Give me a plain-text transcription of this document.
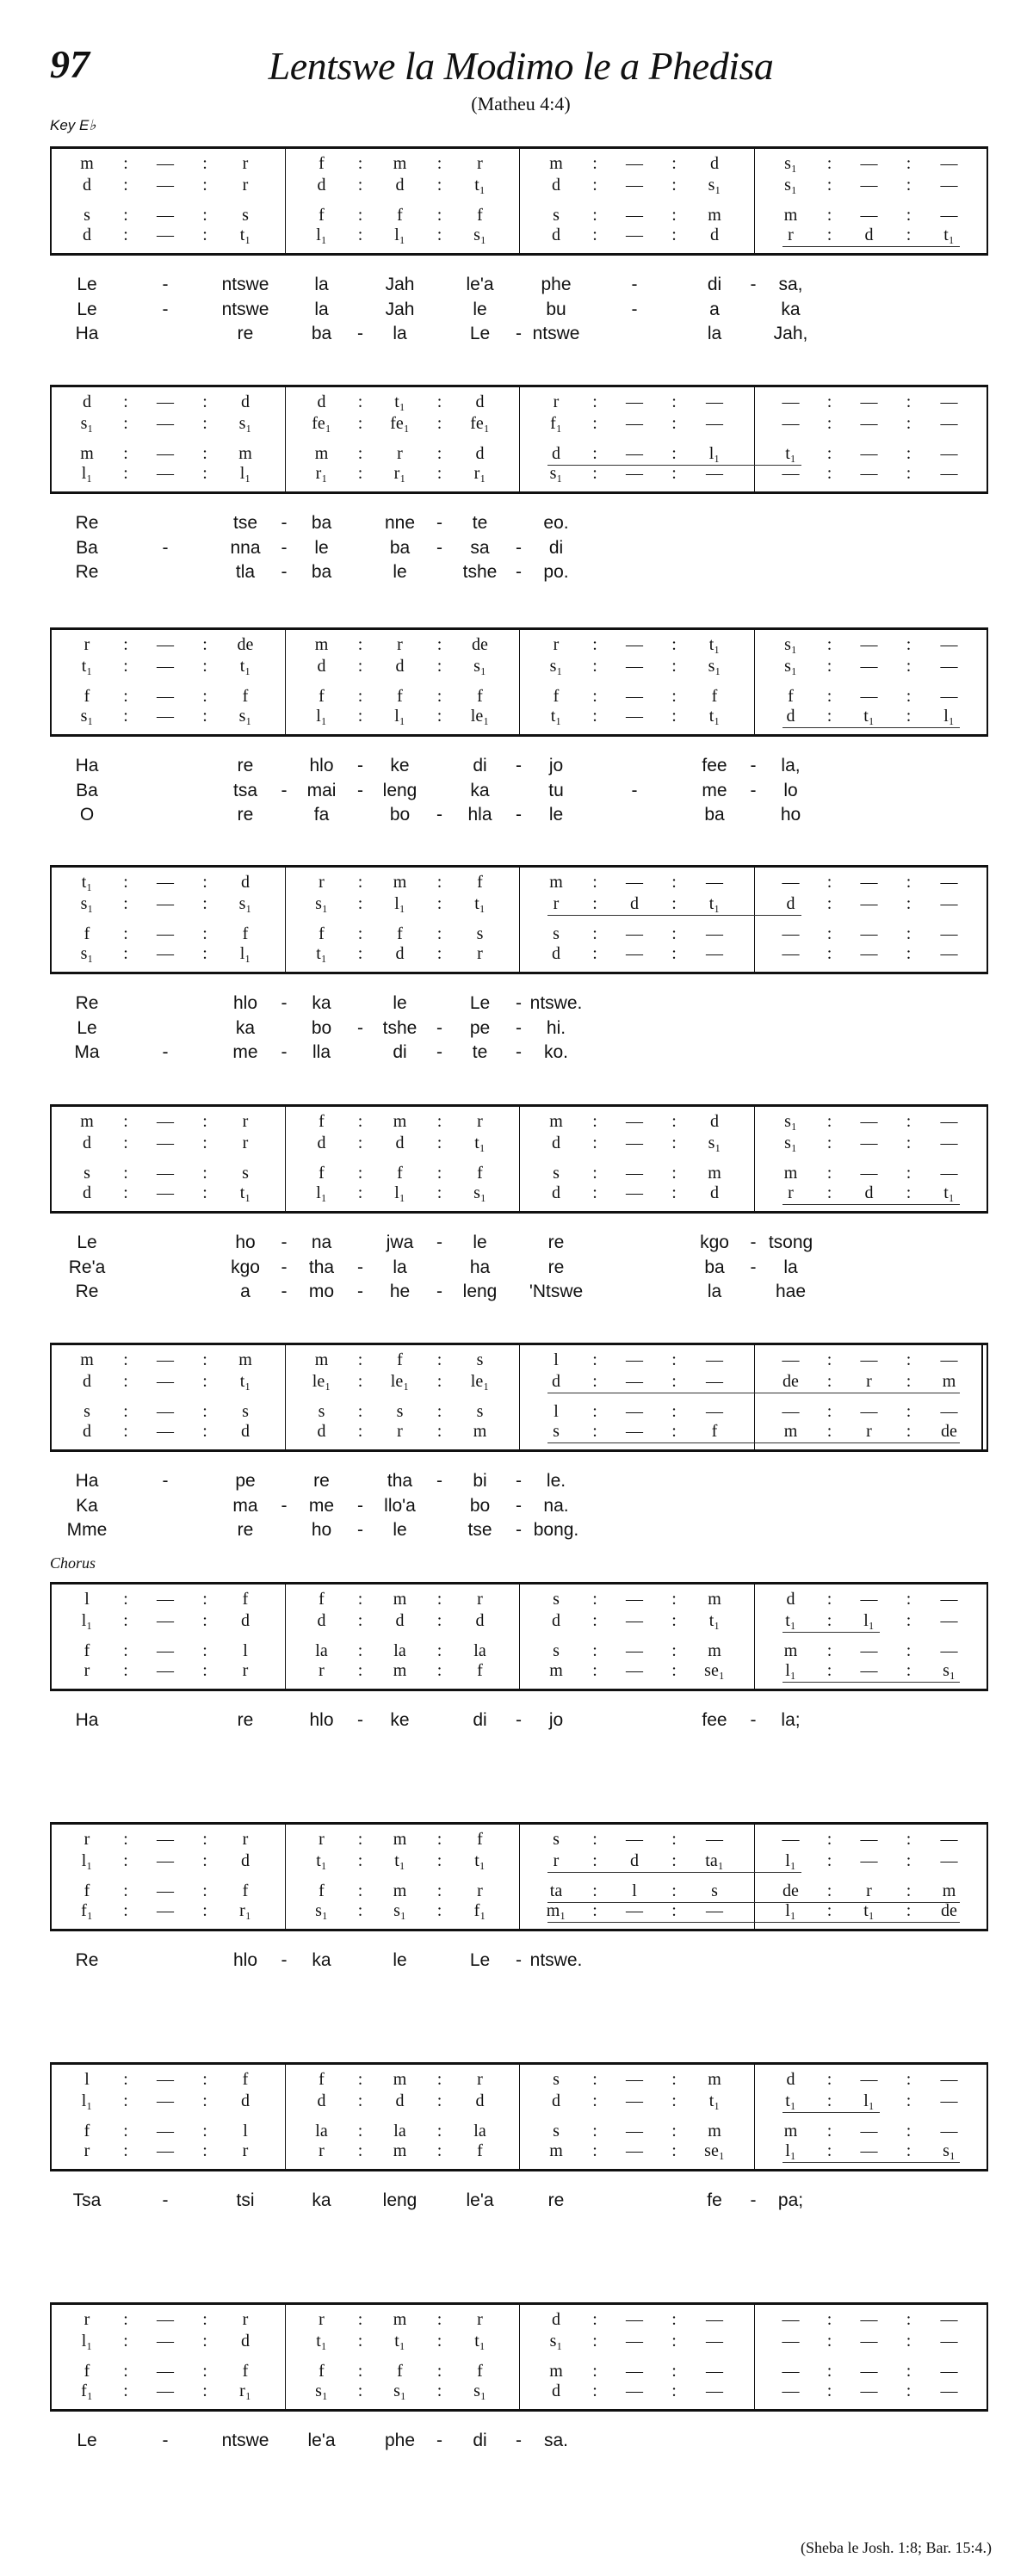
97	Lentswe la Modimo le a Phedisa
(Matheu 4:4)
Key E♭
Chorus
m : — : r	f : m : r	m : — : d	s₁ : — : —
d : — : r	d : d : t₁	d : — : s₁	s₁ : — : —
s : — : s	f : f : f	s : — : m	m : — : —
d : — : t₁	l₁ : l₁ : s₁	d : — : d	r : d : t₁
Le	-	ntswe	la	Jah	le'a	phe	-	di - sa,
Le	-	ntswe	la	Jah	le	bu	-	a	ka
Ha	re	ba - la	Le - ntswe	la	Jah,
d : — : d	d : t₁ : d	r : — : —	— : — : —
s₁ : — : s₁	fe₁ : fe₁ : fe₁	f₁ : — : —	— : — : —
m : — : m	m : r : d	d : — : l₁	t₁ : — : —
l₁ : — : l₁	r₁ : r₁ : r₁	s₁ : — : —	— : — : —
Re	tse - ba	nne - te	eo.
Ba	-	nna - le	ba - sa - di
Re	tla - ba	le	tshe - po.
r : — : de	m : r : de	r : — : t₁	s₁ : — : —
t₁ : — : t₁	d : d : s₁	s₁ : — : s₁	s₁ : — : —
f : — : f	f : f : f	f : — : f	f : — : —
s₁ : — : s₁	l₁ : l₁ : le₁	t₁ : — : t₁	d : t₁ : l₁
Ha	re	hlo - ke	di - jo	fee - la,
Ba	tsa - mai - leng	ka	tu	-	me - lo
O	re	fa	bo - hla - le	ba	ho
t₁ : — : d	r : m : f	m : — : —	— : — : —
s₁ : — : s₁	s₁ : l₁ : t₁	r : d : t₁	d : — : —
f : — : f	f : f : s	s : — : —	— : — : —
s₁ : — : l₁	t₁ : d : r	d : — : —	— : — : —
Re	hlo - ka	le	Le - ntswe.
Le	ka	bo - tshe - pe - hi.
Ma	-	me - lla	di - te - ko.
m : — : r	f : m : r	m : — : d	s₁ : — : —
d : — : r	d : d : t₁	d : — : s₁	s₁ : — : —
s : — : s	f : f : f	s : — : m	m : — : —
d : — : t₁	l₁ : l₁ : s₁	d : — : d	r : d : t₁
Le	ho - na	jwa - le	re	kgo - tsong
Re'a	kgo - tha - la	ha	re	ba - la
Re	a - mo - he - leng 'Ntswe	la	hae
m : — : m	m : f : s	l : — : —	— : — : —
d : — : t₁	le₁ : le₁ : le₁	d : — : —	de : r : m
s : — : s	s : s : s	l : — : —	— : — : —
d : — : d	d : r : m	s : — : f	m : r : de
Ha	-	pe	re	tha - bi - le.
Ka	ma - me - llo'a	bo - na.
Mme	re	ho - le	tse - bong.
l : — : f	f : m : r	s : — : m	d : — : —
l₁ : — : d	d : d : d	d : — : t₁	t₁ : l₁ : —
f : — : l	la : la : la	s : — : m	m : — : —
r : — : r	r : m : f	m : — : se₁	l₁ : — : s₁
Ha	re	hlo - ke	di - jo	fee - la;
r : — : r	r : m : f	s : — : —	— : — : —
l₁ : — : d	t₁ : t₁ : t₁	r : d : ta₁	l₁ : — : —
f : — : f	f : m : r	ta : l : s	de : r : m
f₁ : — : r₁	s₁ : s₁ : f₁	m₁ : — : —	l₁ : t₁ : de
Re	hlo - ka	le	Le - ntswe.
l : — : f	f : m : r	s : — : m	d : — : —
l₁ : — : d	d : d : d	d : — : t₁	t₁ : l₁ : —
f : — : l	la : la : la	s : — : m	m : — : —
r : — : r	r : m : f	m : — : se₁	l₁ : — : s₁
Tsa	-	tsi	ka	leng	le'a	re	fe - pa;
r : — : r	r : m : r	d : — : —	— : — : —
l₁ : — : d	t₁ : t₁ : t₁	s₁ : — : —	— : — : —
f : — : f	f : f : f	m : — : —	— : — : —
f₁ : — : r₁	s₁ : s₁ : s₁	d : — : —	— : — : —
Le	-	ntswe le'a	phe - di - sa.
(Sheba le Josh. 1:8; Bar. 15:4.)
